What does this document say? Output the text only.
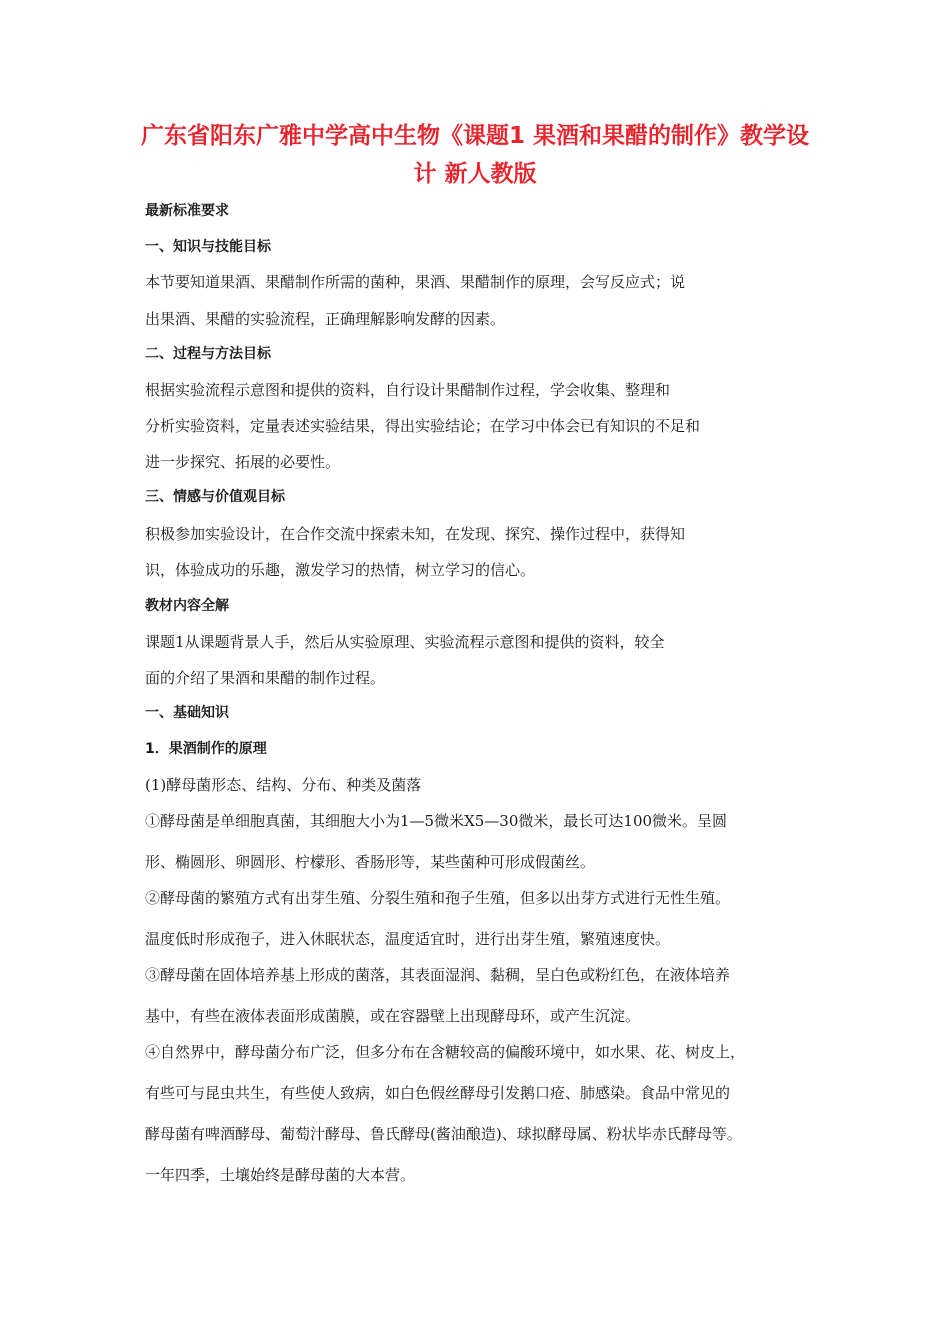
广东省阳东广雅中学高中生物《课题1 果酒和果醋的制作》教学设
计 新人教版
最新标准要求
一、知识与技能目标
本节要知道果酒、果醋制作所需的菌种，果酒、果醋制作的原理，会写反应式；说
出果酒、果醋的实验流程，正确理解影响发酵的因素。
二、过程与方法目标
根据实验流程示意图和提供的资料，自行设计果醋制作过程，学会收集、整理和
分析实验资料，定量表述实验结果，得出实验结论；在学习中体会已有知识的不足和
进一步探究、拓展的必要性。
三、情感与价值观目标
积极参加实验设计，在合作交流中探索未知，在发现、探究、操作过程中，获得知
识，体验成功的乐趣，激发学习的热情，树立学习的信心。
教材内容全解
课题1从课题背景人手，然后从实验原理、实验流程示意图和提供的资料，较全
面的介绍了果酒和果醋的制作过程。
一、基础知识
1．果酒制作的原理
(1)酵母菌形态、结构、分布、种类及菌落
①酵母菌是单细胞真菌，其细胞大小为1—5微米X5—30微米，最长可达100微米。呈圆
形、椭圆形、卵圆形、柠檬形、香肠形等，某些菌种可形成假菌丝。
②酵母菌的繁殖方式有出芽生殖、分裂生殖和孢子生殖，但多以出芽方式进行无性生殖。
温度低时形成孢子，进入休眠状态，温度适宜时，进行出芽生殖，繁殖速度快。
③酵母菌在固体培养基上形成的菌落，其表面湿润、黏稠，呈白色或粉红色，在液体培养
基中，有些在液体表面形成菌膜，或在容器壁上出现酵母环，或产生沉淀。
④自然界中，酵母菌分布广泛，但多分布在含糖较高的偏酸环境中，如水果、花、树皮上，
有些可与昆虫共生，有些使人致病，如白色假丝酵母引发鹅口疮、肺感染。食品中常见的
酵母菌有啤酒酵母、葡萄汁酵母、鲁氏酵母(酱油酿造)、球拟酵母属、粉状毕赤氏酵母等。
一年四季，土壤始终是酵母菌的大本营。
